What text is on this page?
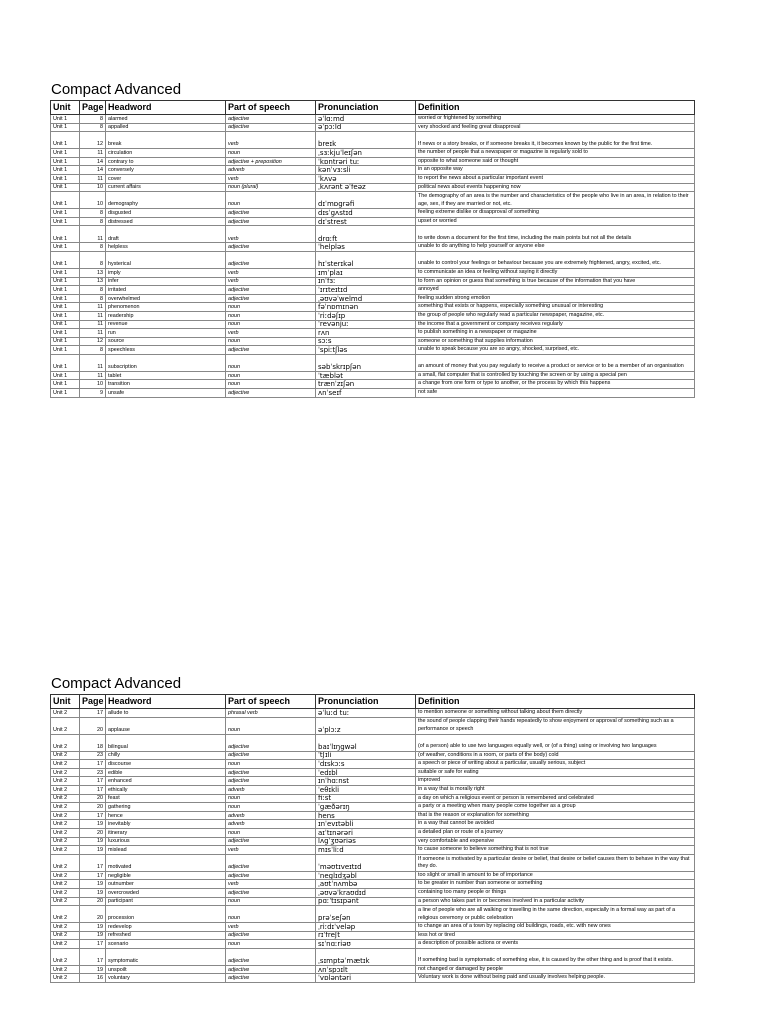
Compact Advanced
Unit	Page	Headword	Part of speech	Pronunciation	Definition
Unit 1	8	alarmed	adjective	əˈlɑːmd	worried or frightened by something
Unit 1	8	appalled	adjective	əˈpɔːld	very shocked and feeling great disapproval
Unit 1	12	break	verb	breɪk	If news or a story breaks, or if someone breaks it, it becomes known by the public for the first time.
Unit 1	11	circulation	noun	ˌsɜːkjuˈleɪʃən	the number of people that a newspaper or magazine is regularly sold to
Unit 1	14	contrary to	adjective + preposition	ˈkɒntrəri tuː	opposite to what someone said or thought
Unit 1	14	conversely	adverb	kənˈvɜːsli	in an opposite way
Unit 1	11	cover	verb	ˈkʌvə	to report the news about a particular important event
Unit 1	10	current affairs	noun (plural)	ˌkʌrənt əˈfeəz	political news about events happening now
Unit 1	10	demography	noun	dɪˈmɒgrəfi	The demography of an area is the number and characteristics of the people who live in an area, in relation to their age, sex, if they are married or not, etc.
Unit 1	8	disgusted	adjective	dɪsˈgʌstɪd	feeling extreme dislike or disapproval of something
Unit 1	8	distressed	adjective	dɪˈstrest	upset or worried
Unit 1	11	draft	verb	drɑːft	to write down a document for the first time, including the main points but not all the details
Unit 1	8	helpless	adjective	ˈhelpləs	unable to do anything to help yourself or anyone else
Unit 1	8	hysterical	adjective	hɪˈsterɪkəl	unable to control your feelings or behaviour because you are extremely frightened, angry, excited, etc.
Unit 1	13	imply	verb	ɪmˈplaɪ	to communicate an idea or feeling without saying it directly
Unit 1	13	infer	verb	ɪnˈfɜː	to form an opinion or guess that something is true because of the information that you have
Unit 1	8	irritated	adjective	ˈɪrɪteɪtɪd	annoyed
Unit 1	8	overwhelmed	adjective	ˌəʊvəˈwelmd	feeling sudden strong emotion
Unit 1	11	phenomenon	noun	fəˈnɒmɪnən	something that exists or happens, especially something unusual or interesting
Unit 1	11	readership	noun	ˈriːdəʃɪp	the group of people who regularly read a particular newspaper, magazine, etc.
Unit 1	11	revenue	noun	ˈrevənjuː	the income that a government or company receives regularly
Unit 1	11	run	verb	rʌn	to publish something in a newspaper or magazine
Unit 1	12	source	noun	sɔːs	someone or something that supplies information
Unit 1	8	speechless	adjective	ˈspiːtʃləs	unable to speak because you are so angry, shocked, surprised, etc.
Unit 1	11	subscription	noun	səbˈskrɪpʃən	an amount of money that you pay regularly to receive a product or service or to be a member of an organisation
Unit 1	11	tablet	noun	ˈtæblət	a small, flat computer that is controlled by touching the screen or by using a special pen
Unit 1	10	transition	noun	trænˈzɪʃən	a change from one form or type to another, or the process by which this happens
Unit 1	9	unsafe	adjective	ʌnˈseɪf	not safe
Compact Advanced
Unit	Page	Headword	Part of speech	Pronunciation	Definition
Unit 2	17	allude to	phrasal verb	əˈluːd tuː	to mention someone or something without talking about them directly
Unit 2	20	applause	noun	əˈplɔːz	the sound of people clapping their hands repeatedly to show enjoyment or approval of something such as a performance or speech
Unit 2	18	bilingual	adjective	baɪˈlɪŋgwəl	(of a person) able to use two languages equally well, or (of a thing) using or involving two languages
Unit 2	23	chilly	adjective	ˈtʃɪli	(of weather, conditions in a room, or parts of the body) cold
Unit 2	17	discourse	noun	ˈdɪskɔːs	a speech or piece of writing about a particular, usually serious, subject
Unit 2	23	edible	adjective	ˈedɪbl	suitable or safe for eating
Unit 2	17	enhanced	adjective	ɪnˈhɑːnst	improved
Unit 2	17	ethically	adverb	ˈeθɪkli	in a way that is morally right
Unit 2	20	feast	noun	fiːst	a day on which a religious event or person is remembered and celebrated
Unit 2	20	gathering	noun	ˈgæðərɪŋ	a party or a meeting when many people come together as a group
Unit 2	17	hence	adverb	hens	that is the reason or explanation for something
Unit 2	19	inevitably	adverb	ɪnˈevɪtəbli	in a way that cannot be avoided
Unit 2	20	itinerary	noun	aɪˈtɪnərəri	a detailed plan or route of a journey
Unit 2	19	luxurious	adjective	lʌgˈʒʊəriəs	very comfortable and expensive
Unit 2	19	mislead	verb	mɪsˈliːd	to cause someone to believe something that is not true
Unit 2	17	motivated	adjective	ˈməʊtɪveɪtɪd	If someone is motivated by a particular desire or belief, that desire or belief causes them to behave in the way that they do.
Unit 2	17	negligible	adjective	ˈneglɪdʒəbl	too slight or small in amount to be of importance
Unit 2	19	outnumber	verb	ˌaʊtˈnʌmbə	to be greater in number than someone or something
Unit 2	19	overcrowded	adjective	ˌəʊvəˈkraʊdɪd	containing too many people or things
Unit 2	20	participant	noun	pɑːˈtɪsɪpənt	a person who takes part in or becomes involved in a particular activity
Unit 2	20	procession	noun	prəˈseʃən	a line of people who are all walking or travelling in the same direction, especially in a formal way as part of a religious ceremony or public celebration
Unit 2	19	redevelop	verb	ˌriːdɪˈveləp	to change an area of a town by replacing old buildings, roads, etc. with new ones
Unit 2	19	refreshed	adjective	rɪˈfreʃt	less hot or tired
Unit 2	17	scenario	noun	sɪˈnɑːriəʊ	a description of possible actions or events
Unit 2	17	symptomatic	adjective	ˌsɪmptəˈmætɪk	If something bad is symptomatic of something else, it is caused by the other thing and is proof that it exists.
Unit 2	19	unspoilt	adjective	ʌnˈspɔɪlt	not changed or damaged by people
Unit 2	16	voluntary	adjective	ˈvɒləntəri	Voluntary work is done without being paid and usually involves helping people.
